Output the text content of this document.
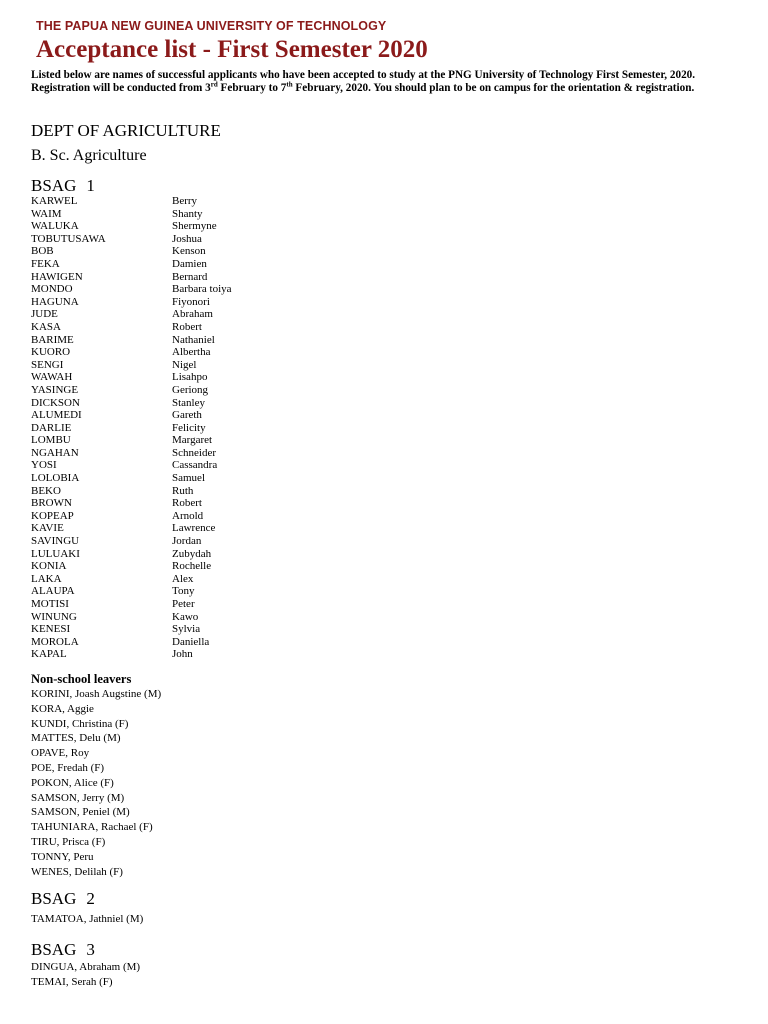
THE PAPUA NEW GUINEA UNIVERSITY OF TECHNOLOGY
Acceptance list - First Semester 2020
Listed below are names of successful applicants who have been accepted to study at the PNG University of Technology First Semester, 2020.
Registration will be conducted from 3rd February to 7th February, 2020. You should plan to be on campus for the orientation & registration.
DEPT OF AGRICULTURE
B. Sc. Agriculture
BSAG 1
KARWEL	Berry
WAIM	Shanty
WALUKA	Shermyne
TOBUTUSAWA	Joshua
BOB	Kenson
FEKA	Damien
HAWIGEN	Bernard
MONDO	Barbara toiya
HAGUNA	Fiyonori
JUDE	Abraham
KASA	Robert
BARIME	Nathaniel
KUORO	Albertha
SENGI	Nigel
WAWAH	Lisahpo
YASINGE	Geriong
DICKSON	Stanley
ALUMEDI	Gareth
DARLIE	Felicity
LOMBU	Margaret
NGAHAN	Schneider
YOSI	Cassandra
LOLOBIA	Samuel
BEKO	Ruth
BROWN	Robert
KOPEAP	Arnold
KAVIE	Lawrence
SAVINGU	Jordan
LULUAKI	Zubydah
KONIA	Rochelle
LAKA	Alex
ALAUPA	Tony
MOTISI	Peter
WINUNG	Kawo
KENESI	Sylvia
MOROLA	Daniella
KAPAL	John
Non-school leavers
KORINI, Joash Augstine (M)
KORA, Aggie
KUNDI, Christina (F)
MATTES, Delu (M)
OPAVE, Roy
POE, Fredah (F)
POKON, Alice (F)
SAMSON, Jerry (M)
SAMSON, Peniel (M)
TAHUNIARA, Rachael (F)
TIRU, Prisca (F)
TONNY, Peru
WENES, Delilah (F)
BSAG 2
TAMATOA, Jathniel (M)
BSAG 3
DINGUA, Abraham (M)
TEMAI, Serah (F)
